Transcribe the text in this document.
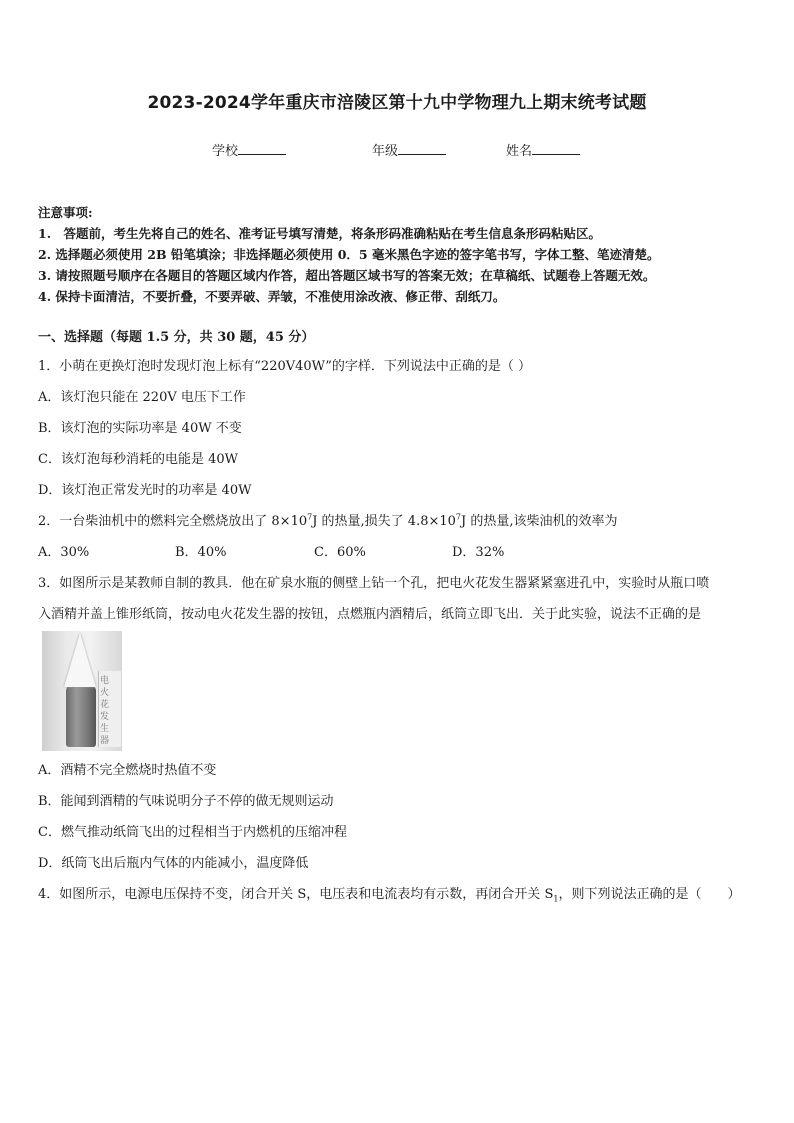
2023-2024学年重庆市涪陵区第十九中学物理九上期末统考试题
学校	年级	姓名
注意事项:
1.　答题前，考生先将自己的姓名、准考证号填写清楚，将条形码准确粘贴在考生信息条形码粘贴区。
2. 选择题必须使用 2B 铅笔填涂；非选择题必须使用 0．5 毫米黑色字迹的签字笔书写，字体工整、笔迹清楚。
3. 请按照题号顺序在各题目的答题区域内作答，超出答题区域书写的答案无效；在草稿纸、试题卷上答题无效。
4. 保持卡面清洁，不要折叠，不要弄破、弄皱，不准使用涂改液、修正带、刮纸刀。
一、选择题（每题 1.5 分，共 30 题，45 分）
1．小萌在更换灯泡时发现灯泡上标有“220V40W”的字样．下列说法中正确的是（ ）
A．该灯泡只能在 220V 电压下工作
B．该灯泡的实际功率是 40W 不变
C．该灯泡每秒消耗的电能是 40W
D．该灯泡正常发光时的功率是 40W
2．一台柴油机中的燃料完全燃烧放出了 $8\times 10^7J$ 的热量,损失了 $4.8\times 10^7J$ 的热量,该柴油机的效率为
A．30%	B．40%	C．60%	D．32%
3．如图所示是某教师自制的教具．他在矿泉水瓶的侧壁上钻一个孔，把电火花发生器紧紧塞进孔中，实验时从瓶口喷
入酒精并盖上锥形纸筒，按动电火花发生器的按钮，点燃瓶内酒精后，纸筒立即飞出．关于此实验，说法不正确的是
电火花发生器
A．酒精不完全燃烧时热值不变
B．能闻到酒精的气味说明分子不停的做无规则运动
C．燃气推动纸筒飞出的过程相当于内燃机的压缩冲程
D．纸筒飞出后瓶内气体的内能减小，温度降低
4．如图所示，电源电压保持不变，闭合开关 S，电压表和电流表均有示数，再闭合开关 $S_1$，则下列说法正确的是（　　）
